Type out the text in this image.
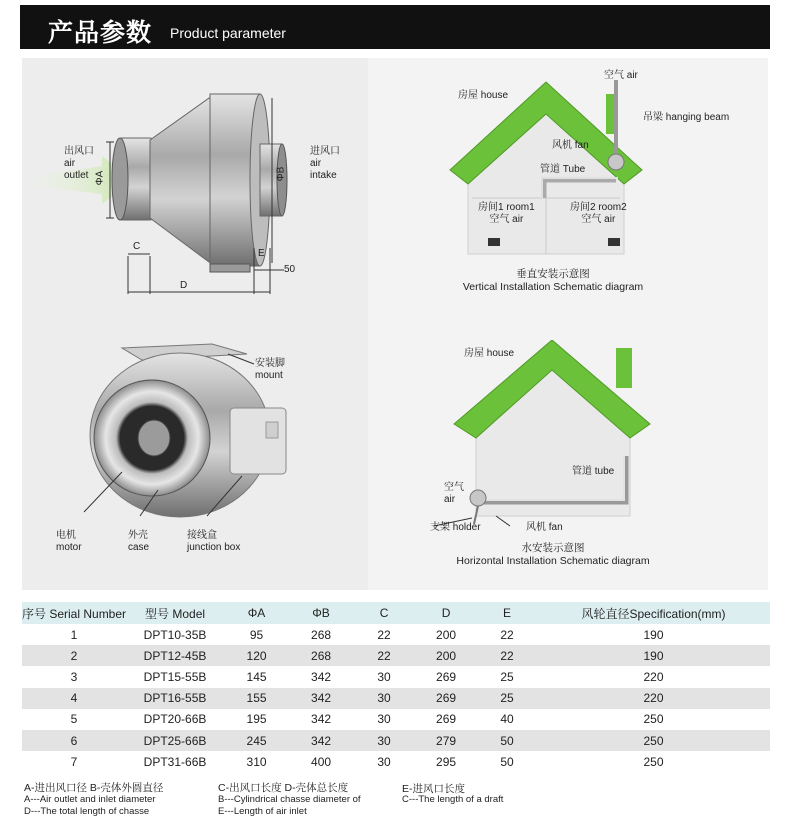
产品参数 Product parameter
出风口
air
outlet
进风口
air
intake
ΦA	ΦB
C
E
50
D
安装脚
mount
电机
motor
外壳
case
接线盒
junction box
房屋 house
空气 air
吊梁 hanging beam
风机 fan
管道 Tube
房间1 room1
空气 air
房间2 room2
空气 air
垂直安装示意图
Vertical Installation Schematic diagram
房屋 house
管道 tube
空气
air
支架 holder	风机 fan
水安装示意图
Horizontal Installation Schematic diagram
序号 Serial Number	型号 Model	ΦA	ΦB	C	D	E	风轮直径Specification(mm)
1	DPT10-35B	95	268	22	200	22	190
2	DPT12-45B	120	268	22	200	22	190
3	DPT15-55B	145	342	30	269	25	220
4	DPT16-55B	155	342	30	269	25	220
5	DPT20-66B	195	342	30	269	40	250
6	DPT25-66B	245	342	30	279	50	250
7	DPT31-66B	310	400	30	295	50	250
A-进出风口径 B-壳体外圆直径	C-出风口长度 D-壳体总长度	E-进风口长度
A---Air outlet and inlet diameter
D---The total length of chasse
B---Cylindrical chasse diameter of
E---Length of air inlet
C---The length of a draft
